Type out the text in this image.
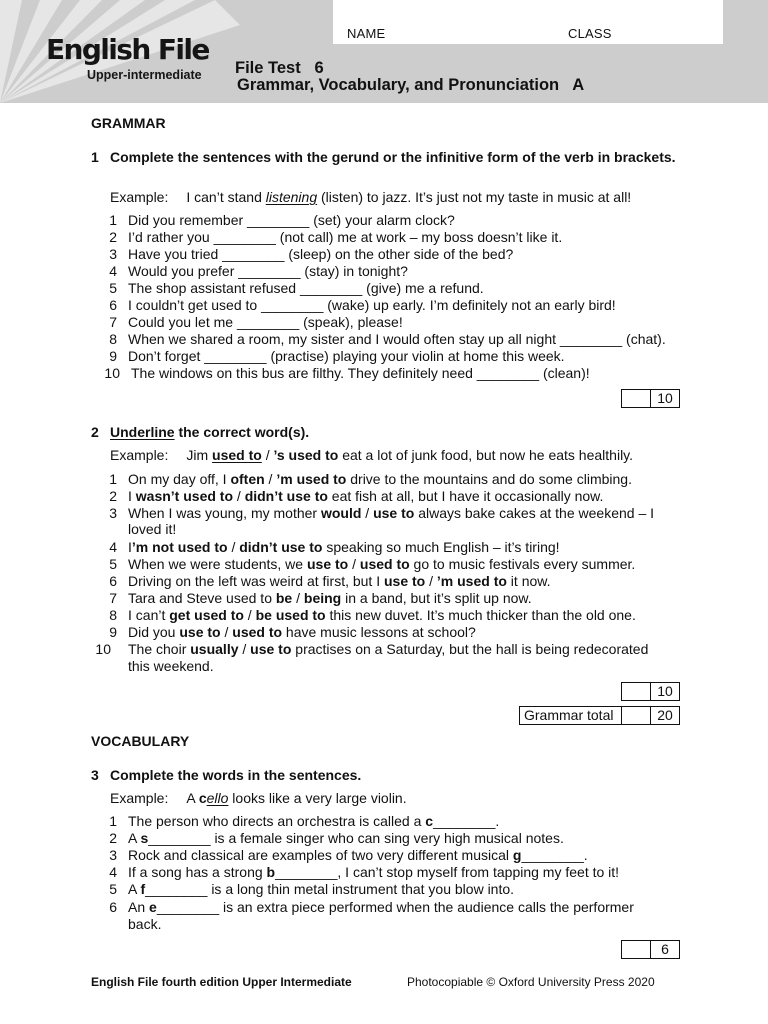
NAME	CLASS
English File
Upper-intermediate File Test   6
Grammar, Vocabulary, and Pronunciation   A
GRAMMAR
1 Complete the sentences with the gerund or the infinitive form of the verb in brackets.
Example: I can’t stand listening (listen) to jazz. It’s just not my taste in music at all!
1 Did you remember ________ (set) your alarm clock?
2 I’d rather you ________ (not call) me at work – my boss doesn’t like it.
3 Have you tried ________ (sleep) on the other side of the bed?
4 Would you prefer ________ (stay) in tonight?
5 The shop assistant refused ________ (give) me a refund.
6 I couldn’t get used to ________ (wake) up early. I’m definitely not an early bird!
7 Could you let me ________ (speak), please!
8 When we shared a room, my sister and I would often stay up all night ________ (chat).
9 Don’t forget ________ (practise) playing your violin at home this week.
10 The windows on this bus are filthy. They definitely need ________ (clean)!
10
2 Underline the correct word(s).
Example: Jim used to / ’s used to eat a lot of junk food, but now he eats healthily.
1 On my day off, I often / ’m used to drive to the mountains and do some climbing.
2 I wasn’t used to / didn’t use to eat fish at all, but I have it occasionally now.
3 When I was young, my mother would / use to always bake cakes at the weekend – I
4 I’m not used to / didn’t use to speaking so much English – it’s tiring!
5 When we were students, we use to / used to go to music festivals every summer.
6 Driving on the left was weird at first, but I use to / ’m used to it now.
7 Tara and Steve used to be / being in a band, but it’s split up now.
8 I can’t get used to / be used to this new duvet. It’s much thicker than the old one.
9 Did you use to / used to have music lessons at school?
10 The choir usually / use to practises on a Saturday, but the hall is being redecorated
loved it!
this weekend.
10
Grammar total	20
VOCABULARY
3 Complete the words in the sentences.
Example: A cello looks like a very large violin.
1 The person who directs an orchestra is called a c________.
2 A s________ is a female singer who can sing very high musical notes.
3 Rock and classical are examples of two very different musical g________.
4 If a song has a strong b________, I can’t stop myself from tapping my feet to it!
5 A f________ is a long thin metal instrument that you blow into.
6 An e________ is an extra piece performed when the audience calls the performer
back.
6
English File fourth edition Upper Intermediate	Photocopiable © Oxford University Press 2020
